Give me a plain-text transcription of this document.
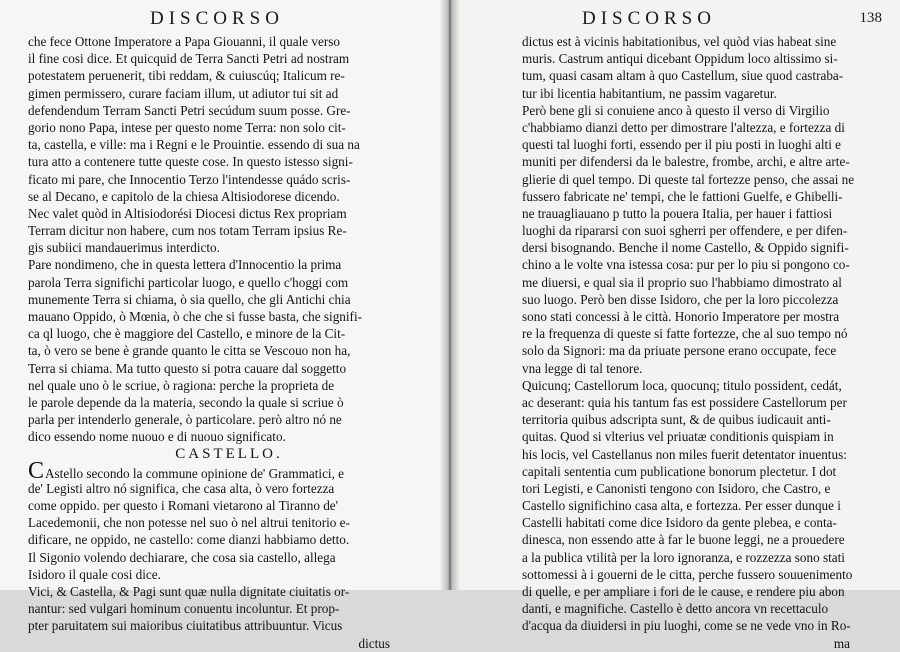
DISCORSO
che fece Ottone Imperatore a Papa Giouanni, il quale verso
il fine cosi dice. Et quicquid de Terra Sancti Petri ad nostram
potestatem peruenerit, tibi reddam, & cuiuscúq; Italicum re-
gimen permissero, curare faciam illum, ut adiutor tui sit ad
defendendum Terram Sancti Petri secúdum suum posse. Gre-
gorio nono Papa, intese per questo nome Terra: non solo cit-
ta, castella, e ville: ma i Regni e le Prouintie. essendo di sua na
tura atto a contenere tutte queste cose. In questo istesso signi-
ficato mi pare, che Innocentio Terzo l'intendesse quádo scris-
se al Decano, e capitolo de la chiesa Altisiodorese dicendo.
Nec valet quòd in Altisiodorési Diocesi dictus Rex propriam
Terram dicitur non habere, cum nos totam Terram ipsius Re-
gis subiici mandauerimus interdicto.
Pare nondimeno, che in questa lettera d'Innocentio la prima
parola Terra significhi particolar luogo, e quello c'hoggi com
munemente Terra si chiama, ò sia quello, che gli Antichi chia
mauano Oppido, ò Mœnia, ò che che si fusse basta, che signifi-
ca ql luogo, che è maggiore del Castello, e minore de la Cit-
ta, ò vero se bene è grande quanto le citta se Vescouo non ha,
Terra si chiama. Ma tutto questo si potra cauare dal soggetto
nel quale uno ò le scriue, ò ragiona: perche la proprieta de
le parole depende da la materia, secondo la quale si scriue ò
parla per intenderlo generale, ò particolare. però altro nó ne
dico essendo nome nuouo e di nuouo significato.
CASTELLO.
CAstello secondo la commune opinione de' Grammatici, e
de' Legisti altro nó significa, che casa alta, ò vero fortezza
come oppido. per questo i Romani vietarono al Tiranno de'
Lacedemonii, che non potesse nel suo ò nel altrui tenitorio e-
dificare, ne oppido, ne castello: come dianzi habbiamo detto.
Il Sigonio volendo dechiarare, che cosa sia castello, allega
Isidoro il quale cosi dice.
Vici, & Castella, & Pagi sunt quæ nulla dignitate ciuitatis or-
nantur: sed vulgari hominum conuentu incoluntur. Et prop-
pter paruitatem sui maioribus ciuitatibus attribuuntur. Vicus
dictus
DISCORSO	138
dictus est à vicinis habitationibus, vel quòd vias habeat sine
muris. Castrum antiqui dicebant Oppidum loco altissimo si-
tum, quasi casam altam à quo Castellum, siue quod castraba-
tur ibi licentia habitantium, ne passim vagaretur.
Però bene gli si conuiene anco à questo il verso di Virgilio
c'habbiamo dianzi detto per dimostrare l'altezza, e fortezza di
questi tal luoghi forti, essendo per il piu posti in luoghi alti e
muniti per difendersi da le balestre, frombe, archi, e altre arte-
glierie di quel tempo. Di queste tal fortezze penso, che assai ne
fussero fabricate ne' tempi, che le fattioni Guelfe, e Ghibelli-
ne trauagliauano p tutto la pouera Italia, per hauer i fattiosi
luoghi da ripararsi con suoi sgherri per offendere, e per difen-
dersi bisognando. Benche il nome Castello, & Oppido signifi-
chino a le volte vna istessa cosa: pur per lo piu si pongono co-
me diuersi, e qual sia il proprio suo l'habbiamo dimostrato al
suo luogo. Però ben disse Isidoro, che per la loro piccolezza
sono stati concessi à le città. Honorio Imperatore per mostra
re la frequenza di queste si fatte fortezze, che al suo tempo nó
solo da Signori: ma da priuate persone erano occupate, fece
vna legge di tal tenore.
Quicunq; Castellorum loca, quocunq; titulo possident, cedát,
ac deserant: quia his tantum fas est possidere Castellorum per
territoria quibus adscripta sunt, & de quibus iudicauit anti-
quitas. Quod si vlterius vel priuatæ conditionis quispiam in
his locis, vel Castellanus non miles fuerit detentator inuentus:
capitali sententia cum publicatione bonorum plectetur. I dot
tori Legisti, e Canonisti tengono con Isidoro, che Castro, e
Castello significhino casa alta, e fortezza. Per esser dunque i
Castelli habitati come dice Isidoro da gente plebea, e conta-
dinesca, non essendo atte à far le buone leggi, ne a prouedere
a la publica vtilità per la loro ignoranza, e rozzezza sono stati
sottomessi à i gouerni de le citta, perche fussero souuenimento
di quelle, e per ampliare i fori de le cause, e rendere piu abon
danti, e magnifiche. Castello è detto ancora vn recettaculo
d'acqua da diuidersi in piu luoghi, come se ne vede vno in Ro-
ma
